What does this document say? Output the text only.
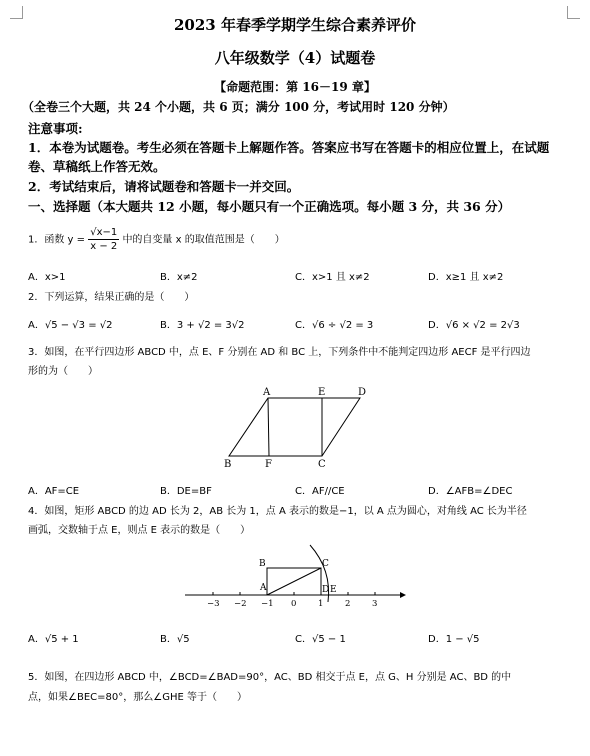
2023 年春季学期学生综合素养评价
八年级数学（4）试题卷
【命题范围：第 16－19 章】
（全卷三个大题，共 24 个小题，共 6 页；满分 100 分，考试用时 120 分钟）
注意事项:
1．本卷为试题卷。考生必须在答题卡上解题作答。答案应书写在答题卡的相应位置上，在试题
卷、草稿纸上作答无效。
2．考试结束后，请将试题卷和答题卡一并交回。
一、选择题（本大题共 12 小题，每小题只有一个正确选项。每小题 3 分，共 36 分）
1．函数 $y = \frac{√x-1}{x - 2}$ 中的自变量 x 的取值范围是（　　）
A．x>1	B．x≠2	C．x>1 且 x≠2	D．x≥1 且 x≠2
2．下列运算，结果正确的是（　　）
A．√5 − √3 = √2	B．3 + √2 = 3√2	C．√6 ÷ √2 = 3	D．√6 × √2 = 2√3
3．如图，在平行四边形 ABCD 中，点 E、F 分别在 AD 和 BC 上，下列条件中不能判定四边形 AECF 是平行四边
形的为（　　）
A	E	D
B	F	C
A．AF=CE	B．DE=BF	C．AF//CE	D．∠AFB=∠DEC
4．如图，矩形 ABCD 的边 AD 长为 2，AB 长为 1，点 A 表示的数是−1，以 A 点为圆心，对角线 AC 长为半径
画弧，交数轴于点 E，则点 E 表示的数是（　　）
B	C
A	D E
−3 −2 −1 0	1	2	3
A．√5 + 1	B．√5	C．√5 − 1	D．1 − √5
5．如图，在四边形 ABCD 中，∠BCD=∠BAD=90°，AC、BD 相交于点 E，点 G、H 分别是 AC、BD 的中
点，如果∠BEC=80°，那么∠GHE 等于（　　）
